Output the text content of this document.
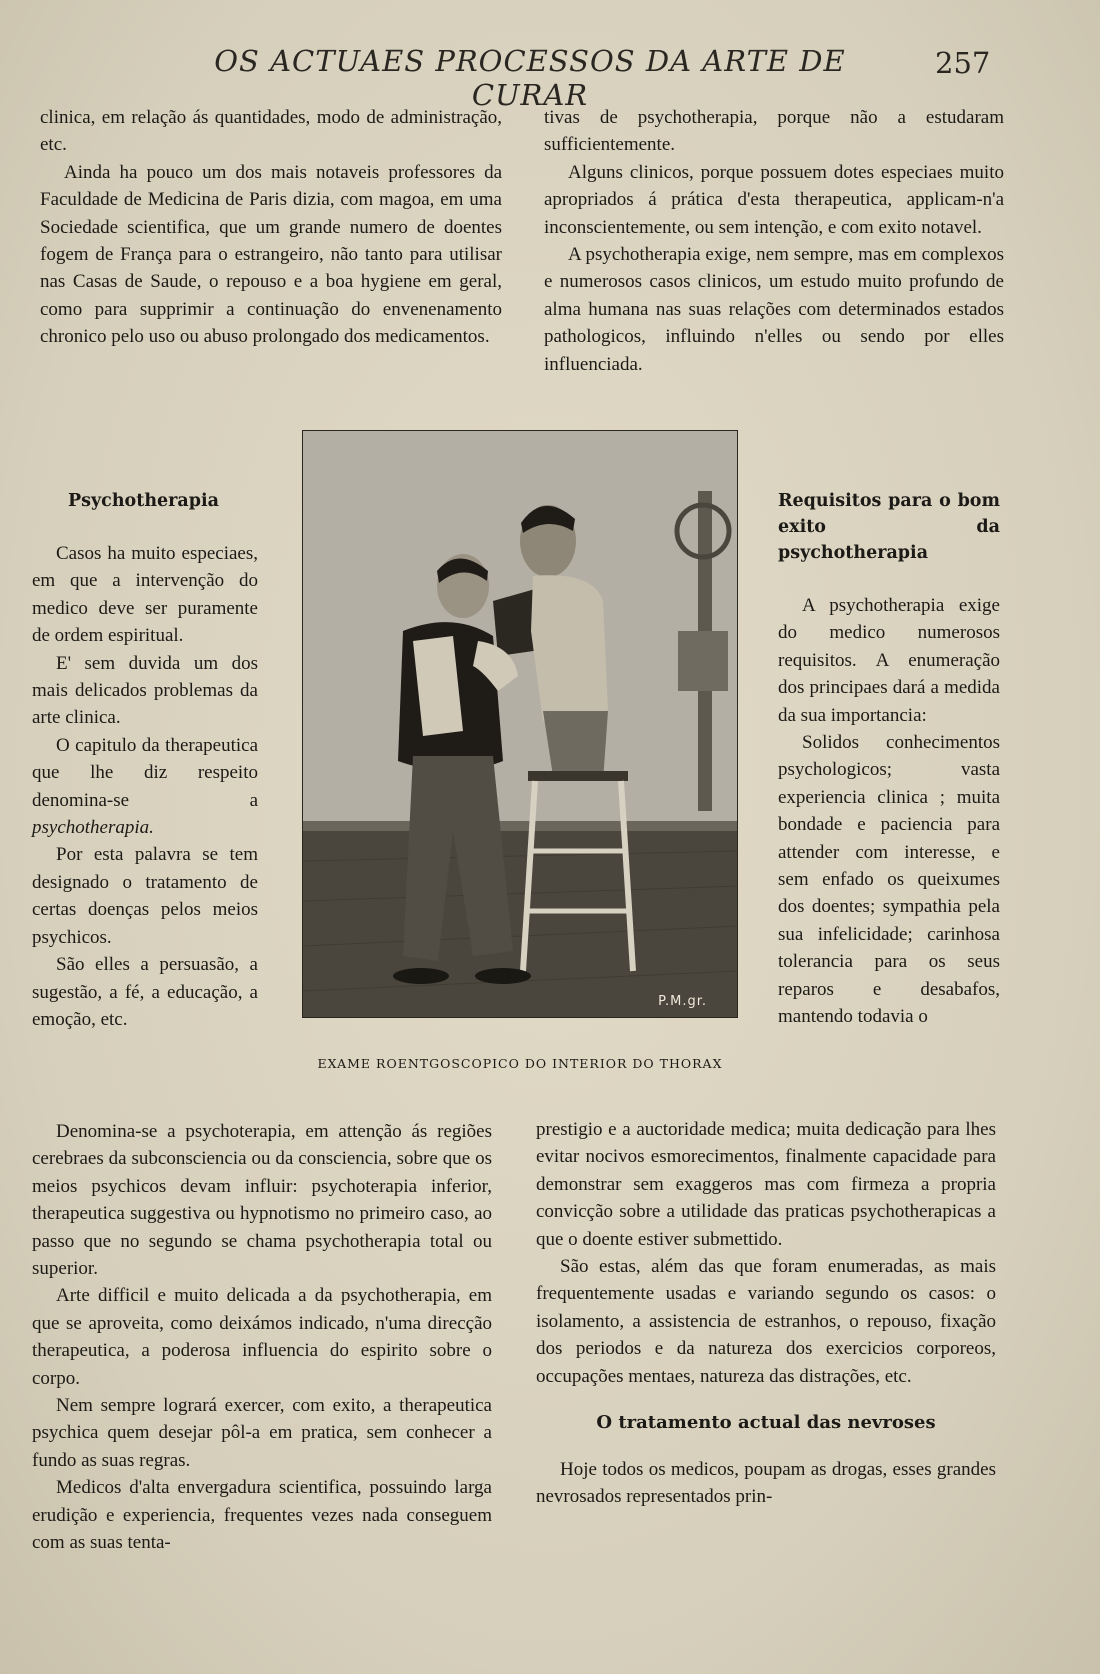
OS ACTUAES PROCESSOS DA ARTE DE CURAR
257

clinica, em relação ás quantidades, modo de administração, etc.

Ainda ha pouco um dos mais notaveis professores da Faculdade de Medicina de Paris dizia, com magoa, em uma Sociedade scientifica, que um grande numero de doentes fogem de França para o estrangeiro, não tanto para utilisar nas Casas de Saude, o repouso e a boa hygiene em geral, como para supprimir a continuação do envenenamento chronico pelo uso ou abuso prolongado dos medicamentos.

Psychotherapia

Casos ha muito especiaes, em que a intervenção do medico deve ser puramente de ordem espiritual.

E' sem duvida um dos mais delicados problemas da arte clinica.

O capitulo da therapeutica que lhe diz respeito denomina-se a psychotherapia.

Por esta palavra se tem designado o tratamento de certas doenças pelos meios psychicos.

São elles a persuasão, a sugestão, a fé, a educação, a emoção, etc.

Denomina-se a psychoterapia, em attenção ás regiões cerebraes da subconsciencia ou da consciencia, sobre que os meios psychicos devam influir: psychoterapia inferior, therapeutica suggestiva ou hypnotismo no primeiro caso, ao passo que no segundo se chama psychotherapia total ou superior.

Arte difficil e muito delicada a da psychotherapia, em que se aproveita, como deixámos indicado, n'uma direcção therapeutica, a poderosa influencia do espirito sobre o corpo.

Nem sempre logrará exercer, com exito, a therapeutica psychica quem desejar pôl-a em pratica, sem conhecer a fundo as suas regras.

Medicos d'alta envergadura scientifica, possuindo larga erudição e experiencia, frequentes vezes nada conseguem com as suas tenta-

tivas de psychotherapia, porque não a estudaram sufficientemente.

Alguns clinicos, porque possuem dotes especiaes muito apropriados á prática d'esta therapeutica, applicam-n'a inconscientemente, ou sem intenção, e com exito notavel.

A psychotherapia exige, nem sempre, mas em complexos e numerosos casos clinicos, um estudo muito profundo de alma humana nas suas relações com determinados estados pathologicos, influindo n'elles ou sendo por elles influenciada.

Requisitos para o bom exito da psychotherapia

A psychotherapia exige do medico numerosos requisitos. A enumeração dos principaes dará a medida da sua importancia:

Solidos conhecimentos psychologicos; vasta experiencia clinica ; muita bondade e paciencia para attender com interesse, e sem enfado os queixumes dos doentes; sympathia pela sua infelicidade; carinhosa tolerancia para os seus reparos e desabafos, mantendo todavia o

prestigio e a auctoridade medica; muita dedicação para lhes evitar nocivos esmorecimentos, finalmente capacidade para demonstrar sem exaggeros mas com firmeza a propria convicção sobre a utilidade das praticas psychotherapicas a que o doente estiver submettido.

São estas, além das que foram enumeradas, as mais frequentemente usadas e variando segundo os casos: o isolamento, a assistencia de estranhos, o repouso, fixação dos periodos e da natureza dos exercicios corporeos, occupações mentaes, natureza das distrações, etc.

O tratamento actual das nevroses

Hoje todos os medicos, poupam as drogas, esses grandes nevrosados representados prin-

P.M.gr.
EXAME ROENTGOSCOPICO DO INTERIOR DO THORAX
